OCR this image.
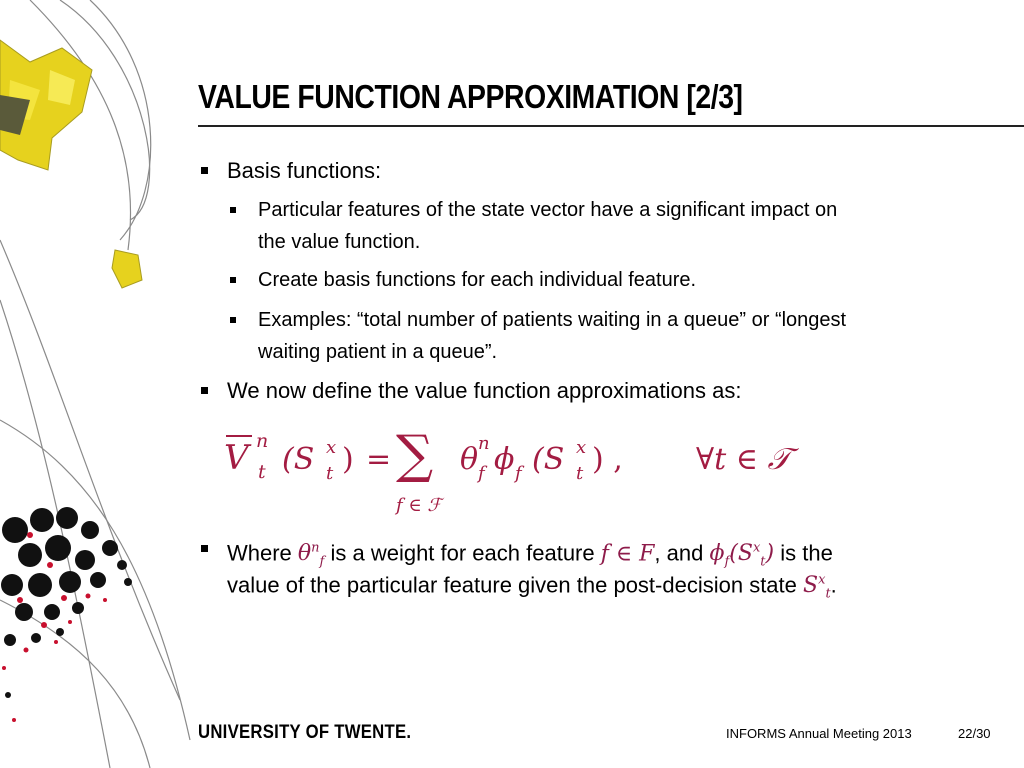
VALUE FUNCTION APPROXIMATION [2/3]
Basis functions:
Particular features of the state vector have a significant impact on
the value function.
Create basis functions for each individual feature.
Examples: “total number of patients waiting in a queue” or “longest
waiting patient in a queue”.
We now define the value function approximations as:
V n
t (S x
t ) = ∑
f ∈ ℱ
θ n
f ϕ f (S x
t ) , ∀t ∈ 𝒯
Where $\theta^n_f$ is a weight for each feature f ∈ F, and $\phi_f(S^x_t)$ is the
value of the particular feature given the post-decision state $S^x_t$.
UNIVERSITY OF TWENTE.	INFORMS Annual Meeting 2013	22/30
